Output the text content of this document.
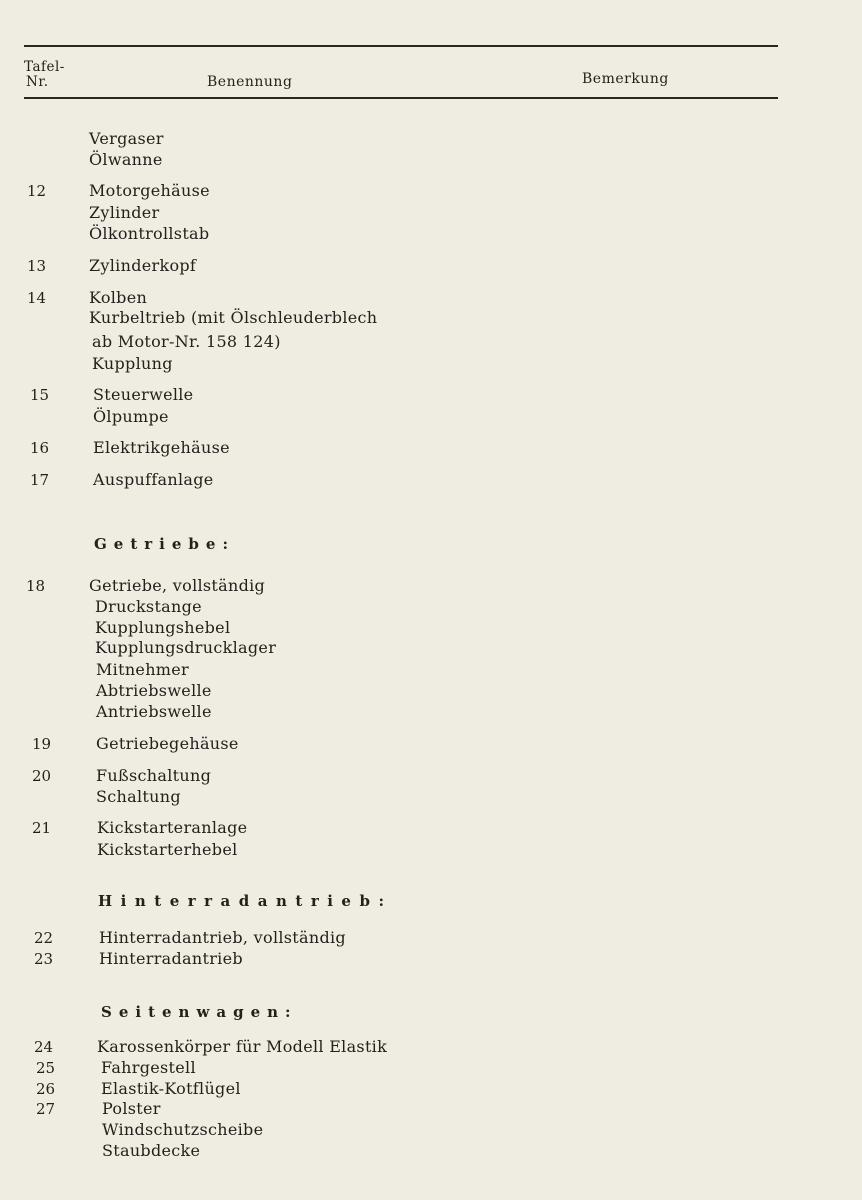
Tafel-
Nr.	Benennung	Bemerkung
12
13
14
15
16
17
18
19
20
21
22
23
24
25
26
27
Vergaser
Ölwanne
Motorgehäuse
Zylinder
Ölkontrollstab
Zylinderkopf
Kolben
Kurbeltrieb (mit Ölschleuderblech
ab Motor-Nr. 158 124)
Kupplung
Steuerwelle
Ölpumpe
Elektrikgehäuse
Auspuffanlage
Getriebe, vollständig
Druckstange
Kupplungshebel
Kupplungsdrucklager
Mitnehmer
Abtriebswelle
Antriebswelle
Getriebegehäuse
Fußschaltung
Schaltung
Kickstarteranlage
Kickstarterhebel
Hinterradantrieb, vollständig
Hinterradantrieb
Karossenkörper für Modell Elastik
Fahrgestell
Elastik-Kotflügel
Polster
Windschutzscheibe
Staubdecke
Getriebe:
Hinterradantrieb:
Seitenwagen:
